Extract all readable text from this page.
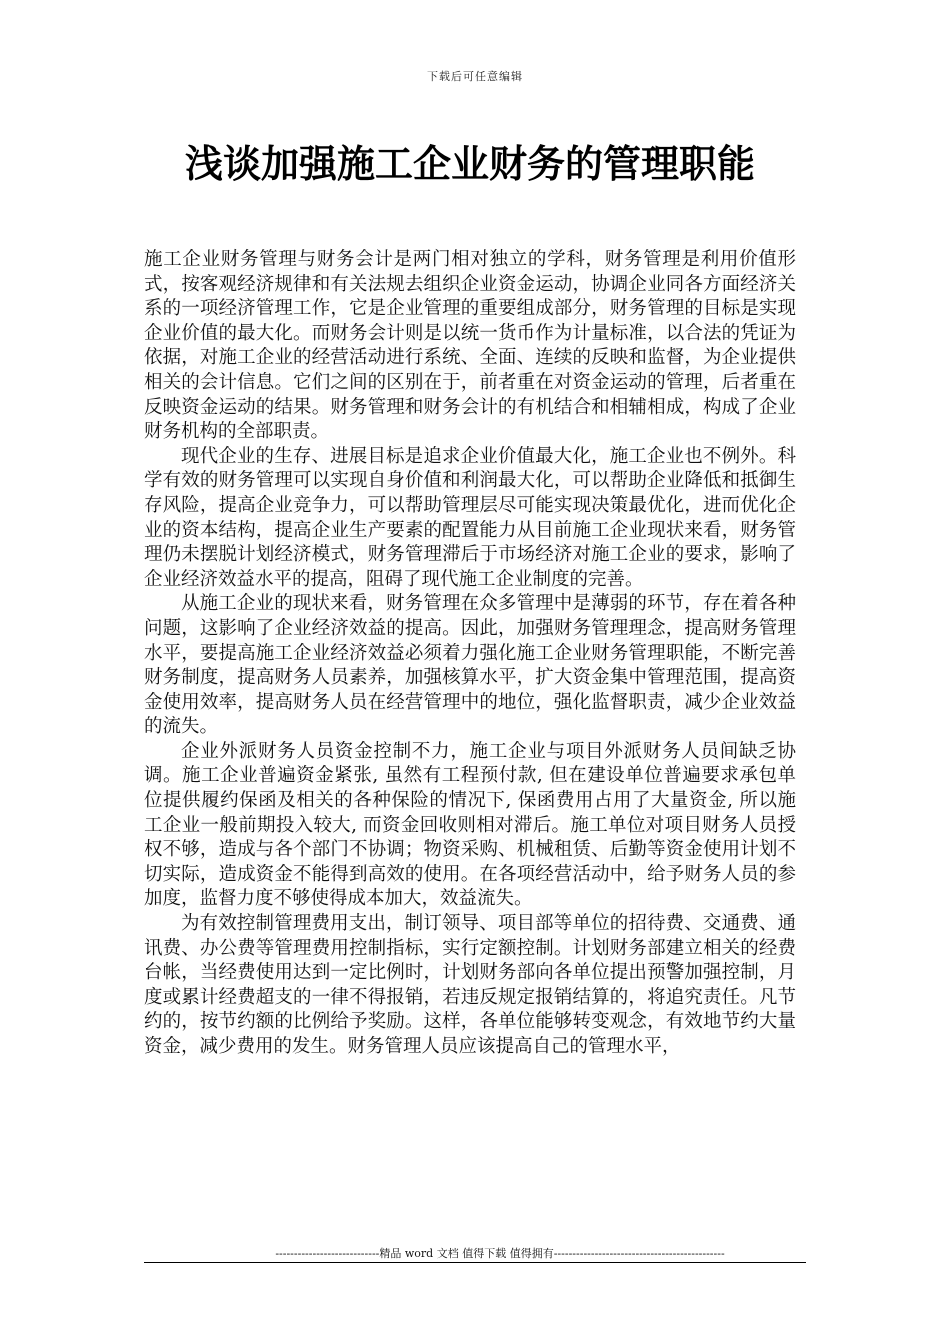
下载后可任意编辑
浅谈加强施工企业财务的管理职能

施工企业财务管理与财务会计是两门相对独立的学科，财务管理是利用价值形式，按客观经济规律和有关法规去组织企业资金运动，协调企业同各方面经济关系的一项经济管理工作，它是企业管理的重要组成部分，财务管理的目标是实现企业价值的最大化。而财务会计则是以统一货币作为计量标准，以合法的凭证为依据，对施工企业的经营活动进行系统、全面、连续的反映和监督，为企业提供相关的会计信息。它们之间的区别在于，前者重在对资金运动的管理，后者重在反映资金运动的结果。财务管理和财务会计的有机结合和相辅相成，构成了企业财务机构的全部职责。

现代企业的生存、进展目标是追求企业价值最大化，施工企业也不例外。科学有效的财务管理可以实现自身价值和利润最大化，可以帮助企业降低和抵御生存风险，提高企业竞争力，可以帮助管理层尽可能实现决策最优化，进而优化企业的资本结构，提高企业生产要素的配置能力从目前施工企业现状来看，财务管理仍未摆脱计划经济模式，财务管理滞后于市场经济对施工企业的要求，影响了企业经济效益水平的提高，阻碍了现代施工企业制度的完善。

从施工企业的现状来看，财务管理在众多管理中是薄弱的环节，存在着各种问题，这影响了企业经济效益的提高。因此，加强财务管理理念，提高财务管理水平，要提高施工企业经济效益必须着力强化施工企业财务管理职能，不断完善财务制度，提高财务人员素养，加强核算水平，扩大资金集中管理范围，提高资金使用效率，提高财务人员在经营管理中的地位，强化监督职责，减少企业效益的流失。

企业外派财务人员资金控制不力，施工企业与项目外派财务人员间缺乏协调。施工企业普遍资金紧张, 虽然有工程预付款, 但在建设单位普遍要求承包单位提供履约保函及相关的各种保险的情况下, 保函费用占用了大量资金, 所以施工企业一般前期投入较大, 而资金回收则相对滞后。施工单位对项目财务人员授权不够，造成与各个部门不协调；物资采购、机械租赁、后勤等资金使用计划不切实际，造成资金不能得到高效的使用。在各项经营活动中，给予财务人员的参加度，监督力度不够使得成本加大，效益流失。

为有效控制管理费用支出，制订领导、项目部等单位的招待费、交通费、通讯费、办公费等管理费用控制指标，实行定额控制。计划财务部建立相关的经费台帐，当经费使用达到一定比例时，计划财务部向各单位提出预警加强控制，月度或累计经费超支的一律不得报销，若违反规定报销结算的，将追究责任。凡节约的，按节约额的比例给予奖励。这样，各单位能够转变观念，有效地节约大量资金，减少费用的发生。财务管理人员应该提高自己的管理水平，

----------------------------精品 word 文档 值得下载 值得拥有----------------------------------------------
